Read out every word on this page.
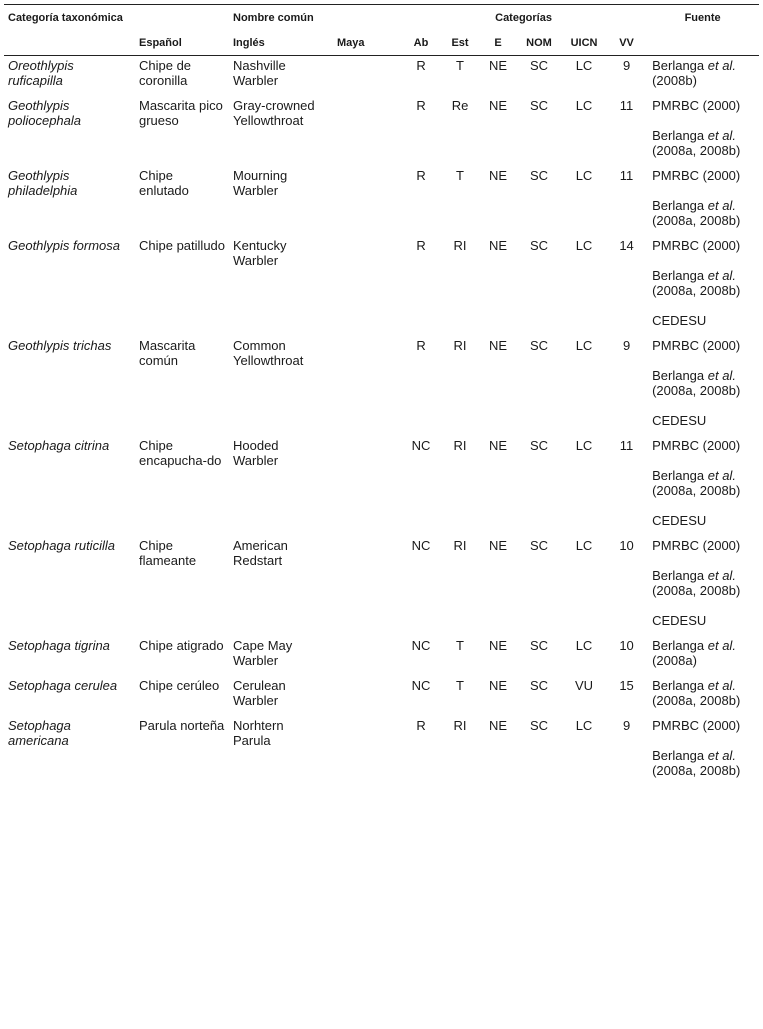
Categoría taxonómica	Nombre común			Categorías						Fuente
	Español	Inglés	Maya	Ab	Est	E	NOM	UICN	VV	
Oreothlypis ruficapilla	Chipe de coronilla	Nashville Warbler		R	T	NE	SC	LC	9	Berlanga et al. (2008b)

Geothlypis poliocephala	Mascarita pico grueso	Gray-crowned Yellowthroat		R	Re	NE	SC	LC	11	PMRBC (2000)
Berlanga et al. (2008a, 2008b)

Geothlypis philadelphia	Chipe enlutado	Mourning Warbler		R	T	NE	SC	LC	11	PMRBC (2000)
Berlanga et al. (2008a, 2008b)

Geothlypis formosa	Chipe patilludo	Kentucky Warbler		R	RI	NE	SC	LC	14	PMRBC (2000)
Berlanga et al. (2008a, 2008b)
CEDESU

Geothlypis trichas	Mascarita común	Common Yellowthroat		R	RI	NE	SC	LC	9	PMRBC (2000)
Berlanga et al. (2008a, 2008b)
CEDESU

Setophaga citrina	Chipe encapucha-do	Hooded Warbler		NC	RI	NE	SC	LC	11	PMRBC (2000)
Berlanga et al. (2008a, 2008b)
CEDESU

Setophaga ruticilla	Chipe flameante	American Redstart		NC	RI	NE	SC	LC	10	PMRBC (2000)
Berlanga et al. (2008a, 2008b)
CEDESU

Setophaga tigrina	Chipe atigrado	Cape May Warbler		NC	T	NE	SC	LC	10	Berlanga et al. (2008a)

Setophaga cerulea	Chipe cerúleo	Cerulean Warbler		NC	T	NE	SC	VU	15	Berlanga et al. (2008a, 2008b)

Setophaga americana	Parula norteña	Norhtern Parula		R	RI	NE	SC	LC	9	PMRBC (2000)
Berlanga et al. (2008a, 2008b)
